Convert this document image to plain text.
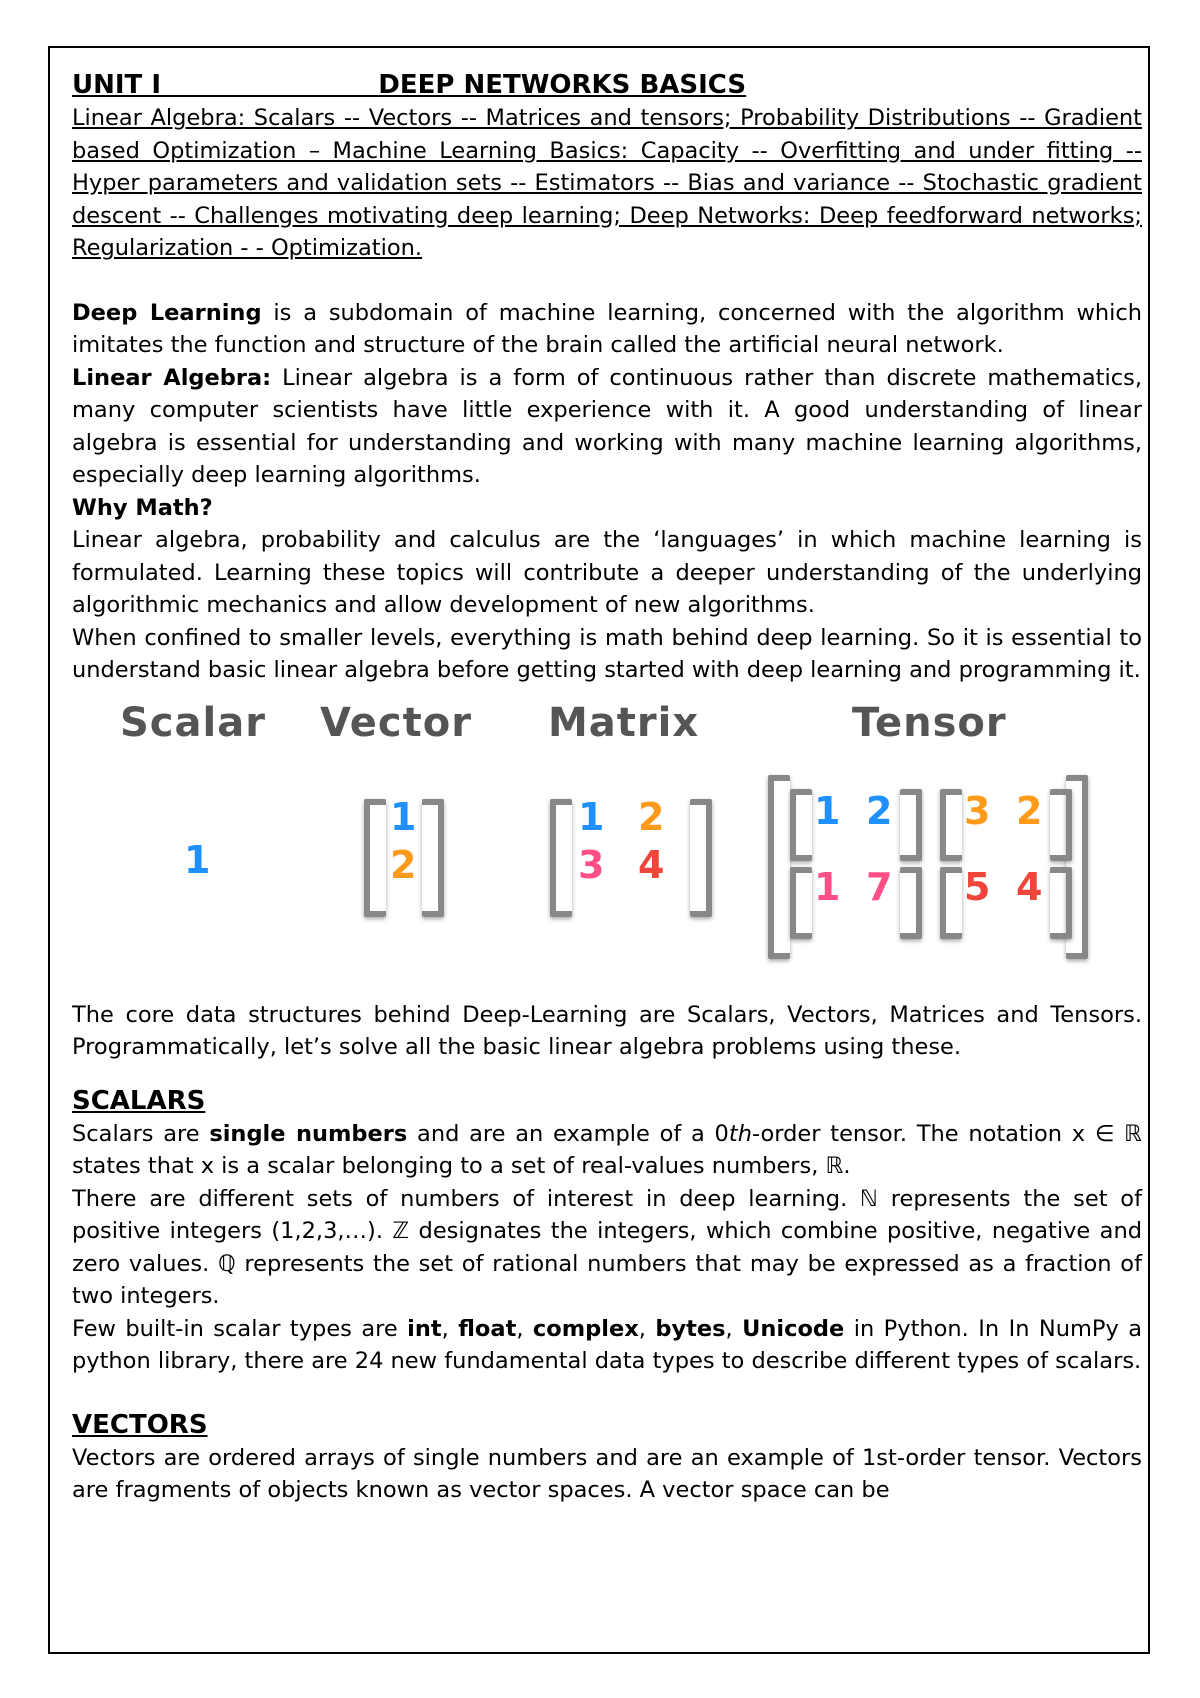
UNIT I	DEEP NETWORKS BASICS

Linear Algebra: Scalars -- Vectors -- Matrices and tensors; Probability Distributions -- Gradient based Optimization – Machine Learning Basics: Capacity -- Overfitting and under fitting -- Hyper parameters and validation sets -- Estimators -- Bias and variance -- Stochastic gradient descent -- Challenges motivating deep learning; Deep Networks: Deep feedforward networks; Regularization - - Optimization.

Deep Learning is a subdomain of machine learning, concerned with the algorithm which imitates the function and structure of the brain called the artificial neural network.

Linear Algebra: Linear algebra is a form of continuous rather than discrete mathematics, many computer scientists have little experience with it. A good understanding of linear algebra is essential for understanding and working with many machine learning algorithms, especially deep learning algorithms.

Why Math?

Linear algebra, probability and calculus are the ‘languages’ in which machine learning is formulated. Learning these topics will contribute a deeper understanding of the underlying algorithmic mechanics and allow development of new algorithms.

When confined to smaller levels, everything is math behind deep learning. So it is essential to understand basic linear algebra before getting started with deep learning and programming it.

Scalar Vector Matrix	Tensor
1
1
2
1 2
3 4
1 2 3 2
1 7 5 4

The core data structures behind Deep-Learning are Scalars, Vectors, Matrices and Tensors. Programmatically, let’s solve all the basic linear algebra problems using these.

SCALARS

Scalars are single numbers and are an example of a 0th-order tensor. The notation x ∈ ℝ states that x is a scalar belonging to a set of real-values numbers, ℝ.

There are different sets of numbers of interest in deep learning. ℕ represents the set of positive integers (1,2,3,…). ℤ designates the integers, which combine positive, negative and zero values. ℚ represents the set of rational numbers that may be expressed as a fraction of two integers.

Few built-in scalar types are int, float, complex, bytes, Unicode in Python. In In NumPy a python library, there are 24 new fundamental data types to describe different types of scalars.

VECTORS

Vectors are ordered arrays of single numbers and are an example of 1st-order tensor. Vectors are fragments of objects known as vector spaces. A vector space can be
